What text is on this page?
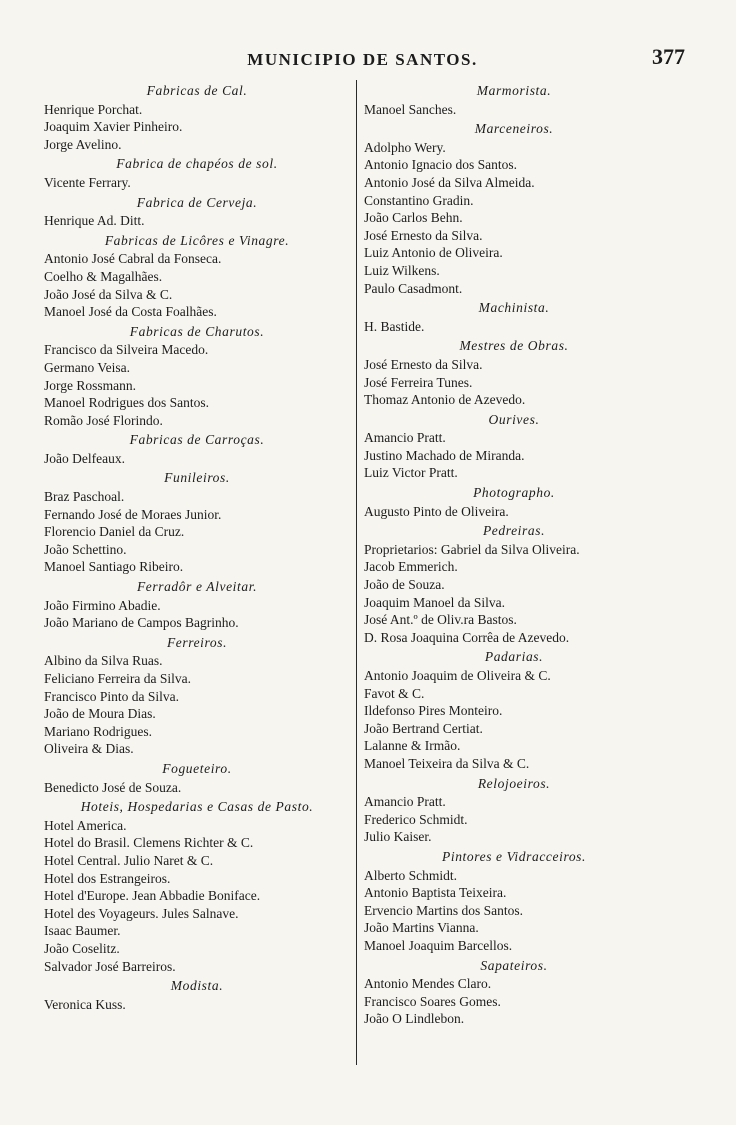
MUNICIPIO DE SANTOS.	377
Fabricas de Cal.
Henrique Porchat.
Joaquim Xavier Pinheiro.
Jorge Avelino.
Fabrica de chapéos de sol.
Vicente Ferrary.
Fabrica de Cerveja.
Henrique Ad. Ditt.
Fabricas de Licôres e Vinagre.
Antonio José Cabral da Fonseca.
Coelho & Magalhães.
João José da Silva & C.
Manoel José da Costa Foalhães.
Fabricas de Charutos.
Francisco da Silveira Macedo.
Germano Veisa.
Jorge Rossmann.
Manoel Rodrigues dos Santos.
Romão José Florindo.
Fabricas de Carroças.
João Delfeaux.
Funileiros.
Braz Paschoal.
Fernando José de Moraes Junior.
Florencio Daniel da Cruz.
João Schettino.
Manoel Santiago Ribeiro.
Ferradôr e Alveitar.
João Firmino Abadie.
João Mariano de Campos Bagrinho.
Ferreiros.
Albino da Silva Ruas.
Feliciano Ferreira da Silva.
Francisco Pinto da Silva.
João de Moura Dias.
Mariano Rodrigues.
Oliveira & Dias.
Fogueteiro.
Benedicto José de Souza.
Hoteis, Hospedarias e Casas de Pasto.
Hotel America.
Hotel do Brasil. Clemens Richter & C.
Hotel Central. Julio Naret & C.
Hotel dos Estrangeiros.
Hotel d'Europe. Jean Abbadie Boniface.
Hotel des Voyageurs. Jules Salnave.
Isaac Baumer.
João Coselitz.
Salvador José Barreiros.
Modista.
Veronica Kuss.
Marmorista.
Manoel Sanches.
Marceneiros.
Adolpho Wery.
Antonio Ignacio dos Santos.
Antonio José da Silva Almeida.
Constantino Gradin.
João Carlos Behn.
José Ernesto da Silva.
Luiz Antonio de Oliveira.
Luiz Wilkens.
Paulo Casadmont.
Machinista.
H. Bastide.
Mestres de Obras.
José Ernesto da Silva.
José Ferreira Tunes.
Thomaz Antonio de Azevedo.
Ourives.
Amancio Pratt.
Justino Machado de Miranda.
Luiz Victor Pratt.
Photographo.
Augusto Pinto de Oliveira.
Pedreiras.
Proprietarios: Gabriel da Silva Oliveira.
Jacob Emmerich.
João de Souza.
Joaquim Manoel da Silva.
José Ant.º de Oliv.ra Bastos.
D. Rosa Joaquina Corrêa de Azevedo.
Padarias.
Antonio Joaquim de Oliveira & C.
Favot & C.
Ildefonso Pires Monteiro.
João Bertrand Certiat.
Lalanne & Irmão.
Manoel Teixeira da Silva & C.
Relojoeiros.
Amancio Pratt.
Frederico Schmidt.
Julio Kaiser.
Pintores e Vidracceiros.
Alberto Schmidt.
Antonio Baptista Teixeira.
Ervencio Martins dos Santos.
João Martins Vianna.
Manoel Joaquim Barcellos.
Sapateiros.
Antonio Mendes Claro.
Francisco Soares Gomes.
João O Lindlebon.
